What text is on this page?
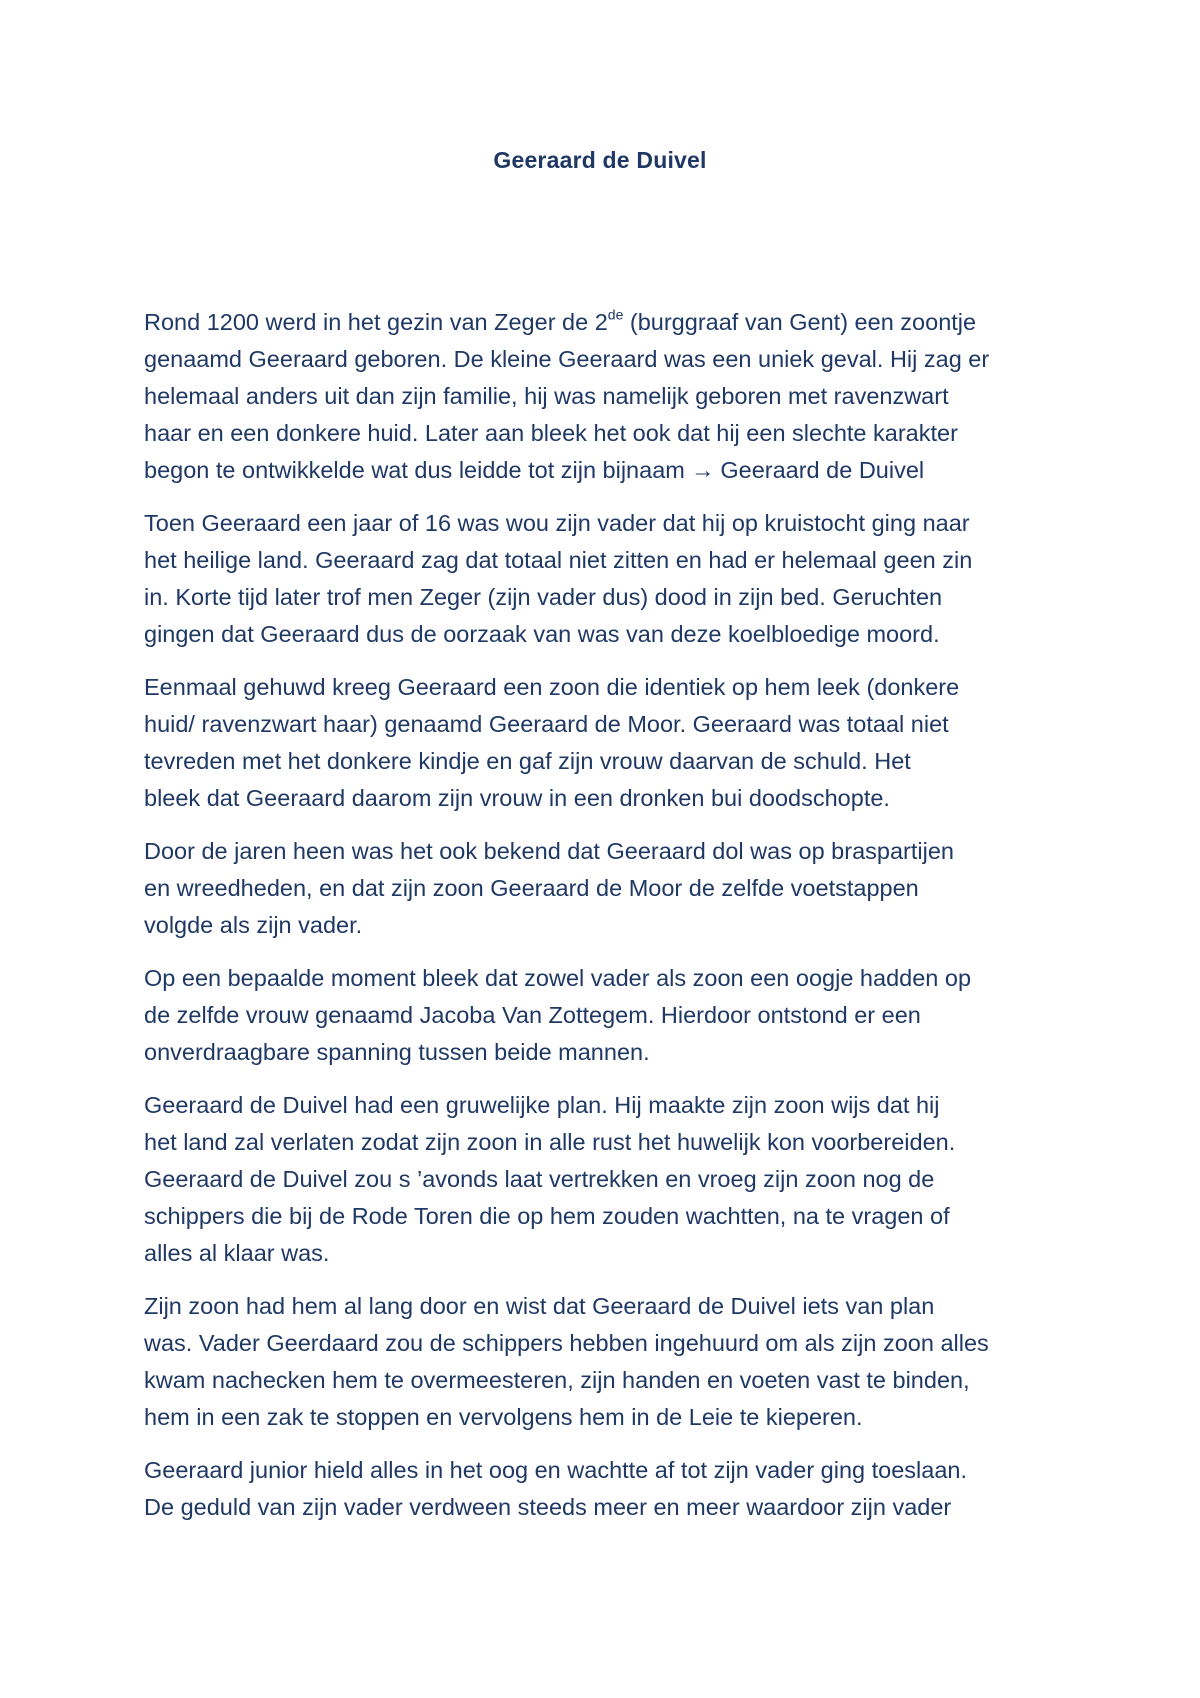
Geeraard de Duivel

Rond 1200 werd in het gezin van Zeger de 2de (burggraaf van Gent) een zoontje
genaamd Geeraard geboren. De kleine Geeraard was een uniek geval. Hij zag er
helemaal anders uit dan zijn familie, hij was namelijk geboren met ravenzwart
haar en een donkere huid. Later aan bleek het ook dat hij een slechte karakter
begon te ontwikkelde wat dus leidde tot zijn bijnaam → Geeraard de Duivel

Toen Geeraard een jaar of 16 was wou zijn vader dat hij op kruistocht ging naar
het heilige land. Geeraard zag dat totaal niet zitten en had er helemaal geen zin
in. Korte tijd later trof men Zeger (zijn vader dus) dood in zijn bed. Geruchten
gingen dat Geeraard dus de oorzaak van was van deze koelbloedige moord.

Eenmaal gehuwd kreeg Geeraard een zoon die identiek op hem leek (donkere
huid/ ravenzwart haar) genaamd Geeraard de Moor. Geeraard was totaal niet
tevreden met het donkere kindje en gaf zijn vrouw daarvan de schuld. Het
bleek dat Geeraard daarom zijn vrouw in een dronken bui doodschopte.

Door de jaren heen was het ook bekend dat Geeraard dol was op braspartijen
en wreedheden, en dat zijn zoon Geeraard de Moor de zelfde voetstappen
volgde als zijn vader.

Op een bepaalde moment bleek dat zowel vader als zoon een oogje hadden op
de zelfde vrouw genaamd Jacoba Van Zottegem. Hierdoor ontstond er een
onverdraagbare spanning tussen beide mannen.

Geeraard de Duivel had een gruwelijke plan. Hij maakte zijn zoon wijs dat hij
het land zal verlaten zodat zijn zoon in alle rust het huwelijk kon voorbereiden.
Geeraard de Duivel zou s ’avonds laat vertrekken en vroeg zijn zoon nog de
schippers die bij de Rode Toren die op hem zouden wachtten, na te vragen of
alles al klaar was.

Zijn zoon had hem al lang door en wist dat Geeraard de Duivel iets van plan
was. Vader Geerdaard zou de schippers hebben ingehuurd om als zijn zoon alles
kwam nachecken hem te overmeesteren, zijn handen en voeten vast te binden,
hem in een zak te stoppen en vervolgens hem in de Leie te kieperen.

Geeraard junior hield alles in het oog en wachtte af tot zijn vader ging toeslaan.
De geduld van zijn vader verdween steeds meer en meer waardoor zijn vader
